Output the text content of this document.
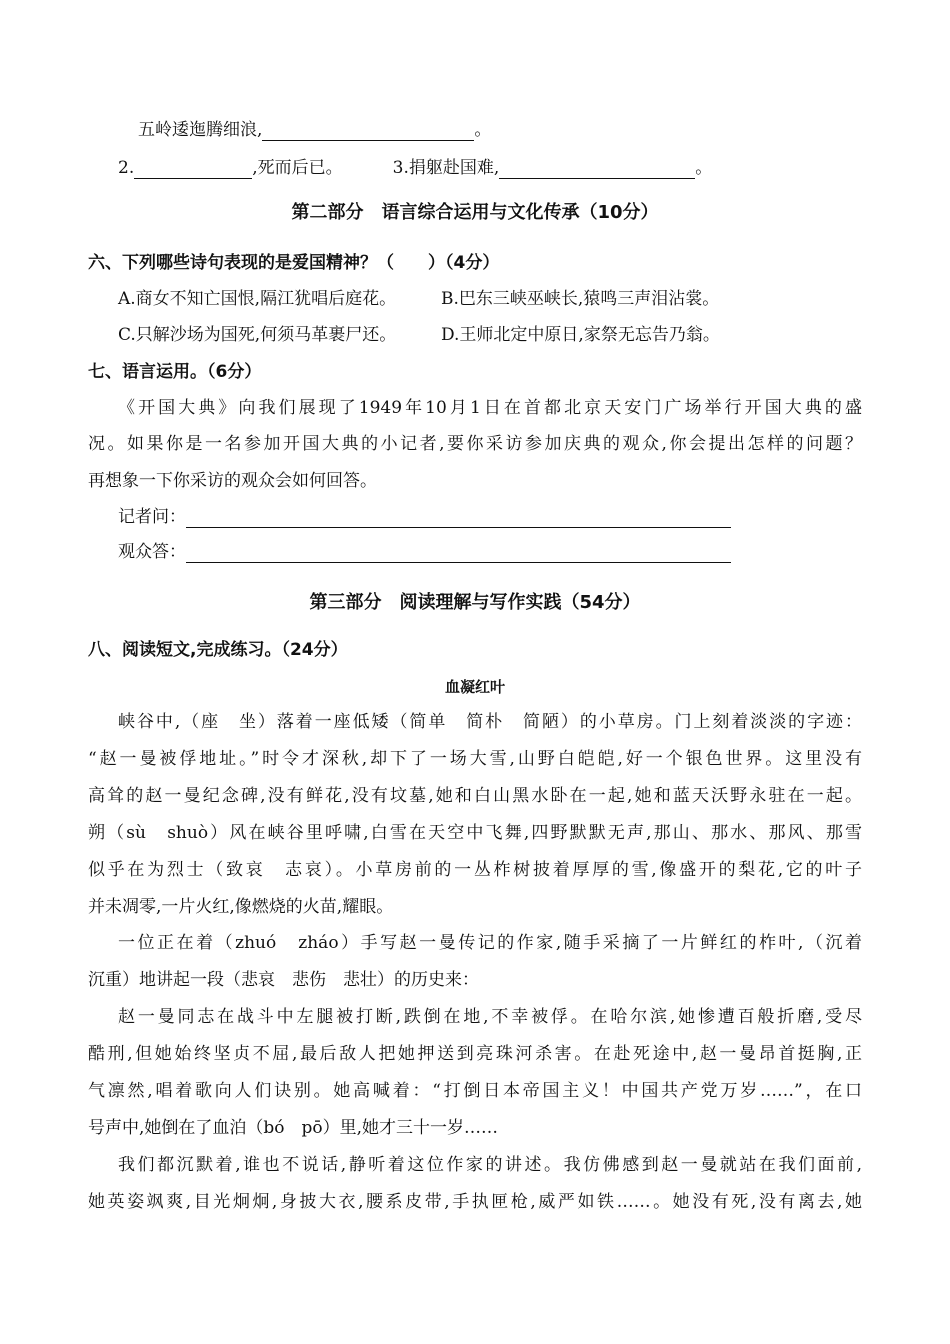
五岭逶迤腾细浪,	。
2.	,死而后已。	3.捐躯赴国难,	。
第二部分　语言综合运用与文化传承（10分）
六、下列哪些诗句表现的是爱国精神？（　　）（4分）
A.商女不知亡国恨,隔江犹唱后庭花。	B.巴东三峡巫峡长,猿鸣三声泪沾裳。
C.只解沙场为国死,何须马革裹尸还。	D.王师北定中原日,家祭无忘告乃翁。
七、语言运用。（6分）
《开国大典》向我们展现了1949年10月1日在首都北京天安门广场举行开国大典的盛
况。如果你是一名参加开国大典的小记者,要你采访参加庆典的观众,你会提出怎样的问题？
再想象一下你采访的观众会如何回答。
记者问：
观众答：
第三部分　阅读理解与写作实践（54分）
八、阅读短文,完成练习。（24分）
血凝红叶
峡谷中,（座　坐）落着一座低矮（简单　简朴　简陋）的小草房。门上刻着淡淡的字迹：
“赵一曼被俘地址。”时令才深秋,却下了一场大雪,山野白皑皑,好一个银色世界。这里没有
高耸的赵一曼纪念碑,没有鲜花,没有坟墓,她和白山黑水卧在一起,她和蓝天沃野永驻在一起。
朔（sù　shuò）风在峡谷里呼啸,白雪在天空中飞舞,四野默默无声,那山、那水、那风、那雪
似乎在为烈士（致哀　志哀）。小草房前的一丛柞树披着厚厚的雪,像盛开的梨花,它的叶子
并未凋零,一片火红,像燃烧的火苗,耀眼。
一位正在着（zhuó　zháo）手写赵一曼传记的作家,随手采摘了一片鲜红的柞叶,（沉着
沉重）地讲起一段（悲哀　悲伤　悲壮）的历史来：
赵一曼同志在战斗中左腿被打断,跌倒在地,不幸被俘。在哈尔滨,她惨遭百般折磨,受尽
酷刑,但她始终坚贞不屈,最后敌人把她押送到亮珠河杀害。在赴死途中,赵一曼昂首挺胸,正
气凛然,唱着歌向人们诀别。她高喊着：“打倒日本帝国主义！中国共产党万岁……”，在口
号声中,她倒在了血泊（bó　pō）里,她才三十一岁……
我们都沉默着,谁也不说话,静听着这位作家的讲述。我仿佛感到赵一曼就站在我们面前,
她英姿飒爽,目光炯炯,身披大衣,腰系皮带,手执匣枪,威严如铁……。她没有死,没有离去,她
